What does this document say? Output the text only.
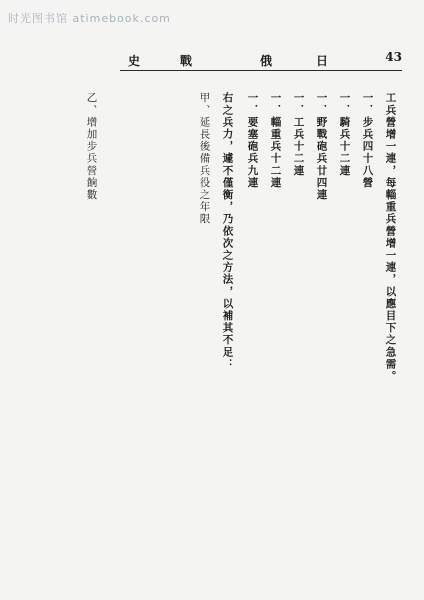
时光图书馆 atimebook.com
史	戰	俄	日	43
工兵營增一連，每輜重兵營增一連，以應目下之急需。
一．步兵四十八營
一．騎兵十二連
一．野戰砲兵廿四連
一．工兵十二連
一．輜重兵十二連
一．要塞砲兵九連
右之兵力，遽不僅衡，乃依次之方法，以補其不足：
甲、延長後備兵役之年限
乙、增加步兵營餉數
